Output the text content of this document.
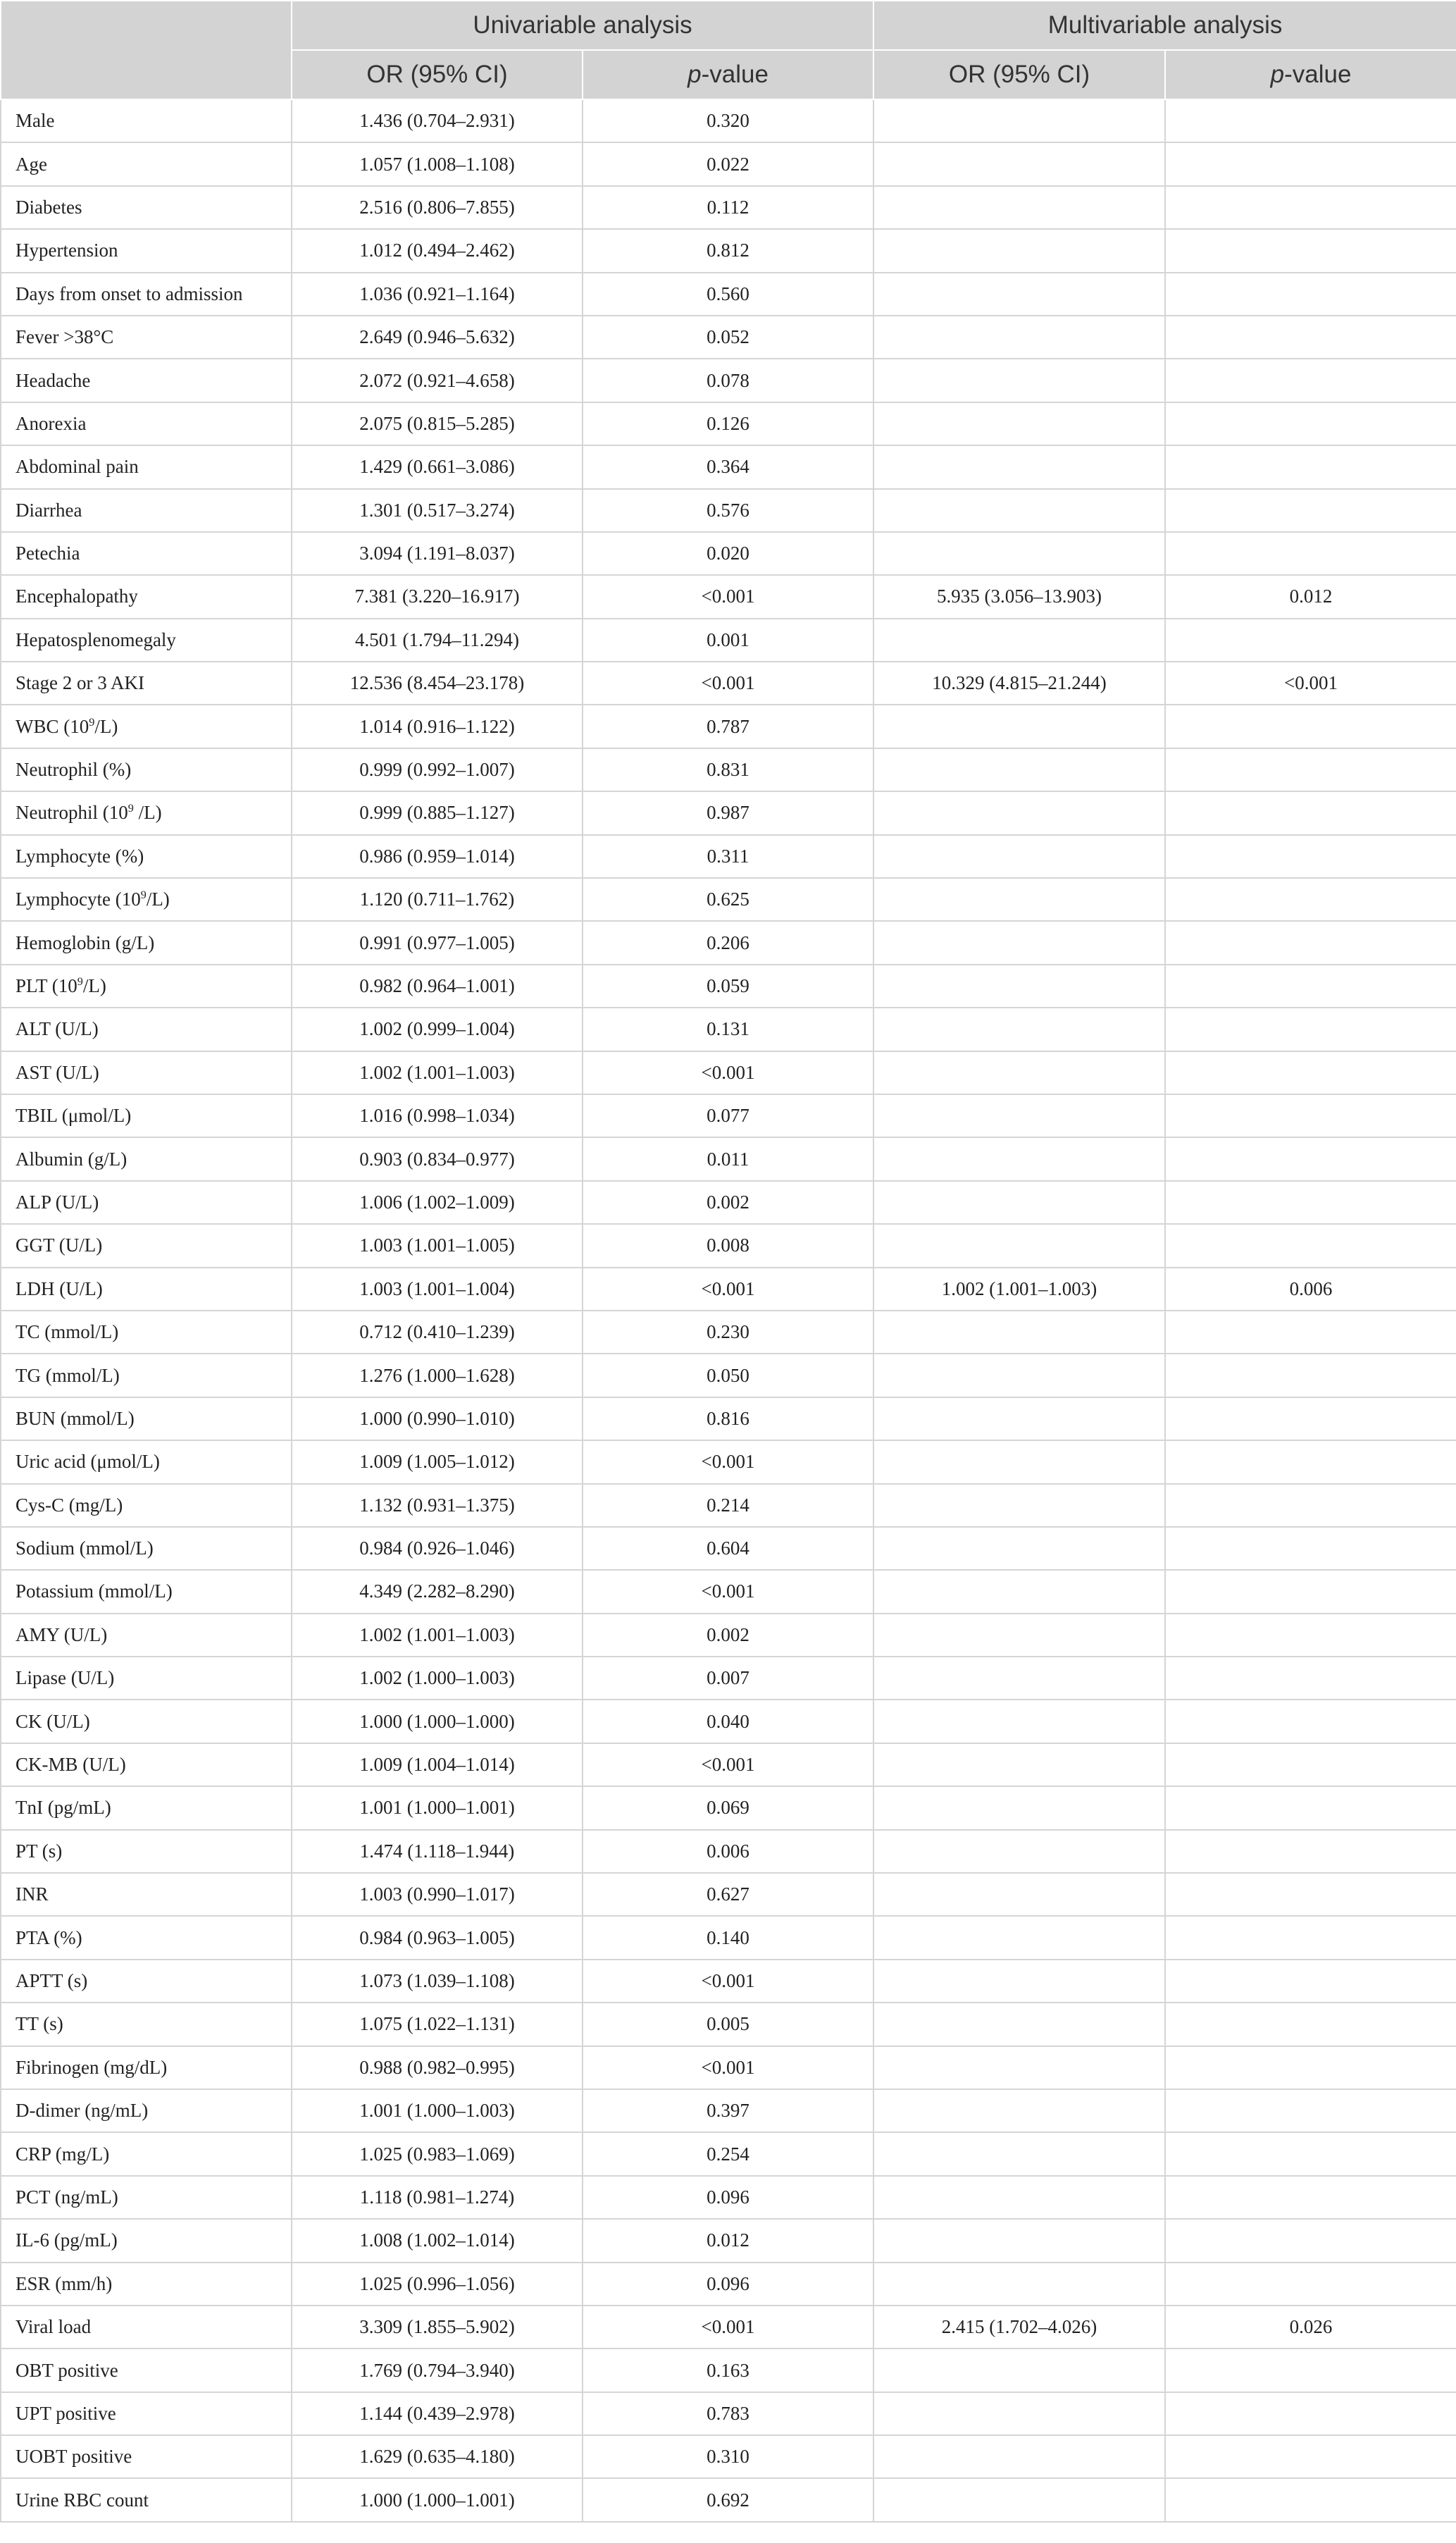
	Univariable analysis		Multivariable analysis	
	OR (95% CI)	p-value	OR (95% CI)	p-value
Male	1.436 (0.704–2.931)	0.320		
Age	1.057 (1.008–1.108)	0.022		
Diabetes	2.516 (0.806–7.855)	0.112		
Hypertension	1.012 (0.494–2.462)	0.812		
Days from onset to admission	1.036 (0.921–1.164)	0.560		
Fever >38°C	2.649 (0.946–5.632)	0.052		
Headache	2.072 (0.921–4.658)	0.078		
Anorexia	2.075 (0.815–5.285)	0.126		
Abdominal pain	1.429 (0.661–3.086)	0.364		
Diarrhea	1.301 (0.517–3.274)	0.576		
Petechia	3.094 (1.191–8.037)	0.020		
Encephalopathy	7.381 (3.220–16.917)	<0.001	5.935 (3.056–13.903)	0.012
Hepatosplenomegaly	4.501 (1.794–11.294)	0.001		
Stage 2 or 3 AKI	12.536 (8.454–23.178)	<0.001	10.329 (4.815–21.244)	<0.001
WBC $(10^9/L)$	1.014 (0.916–1.122)	0.787		
Neutrophil (%)	0.999 (0.992–1.007)	0.831		
Neutrophil ($10^9$ /L)	0.999 (0.885–1.127)	0.987		
Lymphocyte (%)	0.986 (0.959–1.014)	0.311		
Lymphocyte $(10^9/L)$	1.120 (0.711–1.762)	0.625		
Hemoglobin (g/L)	0.991 (0.977–1.005)	0.206		
PLT $(10^9/L)$	0.982 (0.964–1.001)	0.059		
ALT (U/L)	1.002 (0.999–1.004)	0.131		
AST (U/L)	1.002 (1.001–1.003)	<0.001		
TBIL (μmol/L)	1.016 (0.998–1.034)	0.077		
Albumin (g/L)	0.903 (0.834–0.977)	0.011		
ALP (U/L)	1.006 (1.002–1.009)	0.002		
GGT (U/L)	1.003 (1.001–1.005)	0.008		
LDH (U/L)	1.003 (1.001–1.004)	<0.001	1.002 (1.001–1.003)	0.006
TC (mmol/L)	0.712 (0.410–1.239)	0.230		
TG (mmol/L)	1.276 (1.000–1.628)	0.050		
BUN (mmol/L)	1.000 (0.990–1.010)	0.816		
Uric acid (μmol/L)	1.009 (1.005–1.012)	<0.001		
Cys-C (mg/L)	1.132 (0.931–1.375)	0.214		
Sodium (mmol/L)	0.984 (0.926–1.046)	0.604		
Potassium (mmol/L)	4.349 (2.282–8.290)	<0.001		
AMY (U/L)	1.002 (1.001–1.003)	0.002		
Lipase (U/L)	1.002 (1.000–1.003)	0.007		
CK (U/L)	1.000 (1.000–1.000)	0.040		
CK-MB (U/L)	1.009 (1.004–1.014)	<0.001		
TnI (pg/mL)	1.001 (1.000–1.001)	0.069		
PT (s)	1.474 (1.118–1.944)	0.006		
INR	1.003 (0.990–1.017)	0.627		
PTA (%)	0.984 (0.963–1.005)	0.140		
APTT (s)	1.073 (1.039–1.108)	<0.001		
TT (s)	1.075 (1.022–1.131)	0.005		
Fibrinogen (mg/dL)	0.988 (0.982–0.995)	<0.001		
D-dimer (ng/mL)	1.001 (1.000–1.003)	0.397		
CRP (mg/L)	1.025 (0.983–1.069)	0.254		
PCT (ng/mL)	1.118 (0.981–1.274)	0.096		
IL-6 (pg/mL)	1.008 (1.002–1.014)	0.012		
ESR (mm/h)	1.025 (0.996–1.056)	0.096		
Viral load	3.309 (1.855–5.902)	<0.001	2.415 (1.702–4.026)	0.026
OBT positive	1.769 (0.794–3.940)	0.163		
UPT positive	1.144 (0.439–2.978)	0.783		
UOBT positive	1.629 (0.635–4.180)	0.310		
Urine RBC count	1.000 (1.000–1.001)	0.692		
